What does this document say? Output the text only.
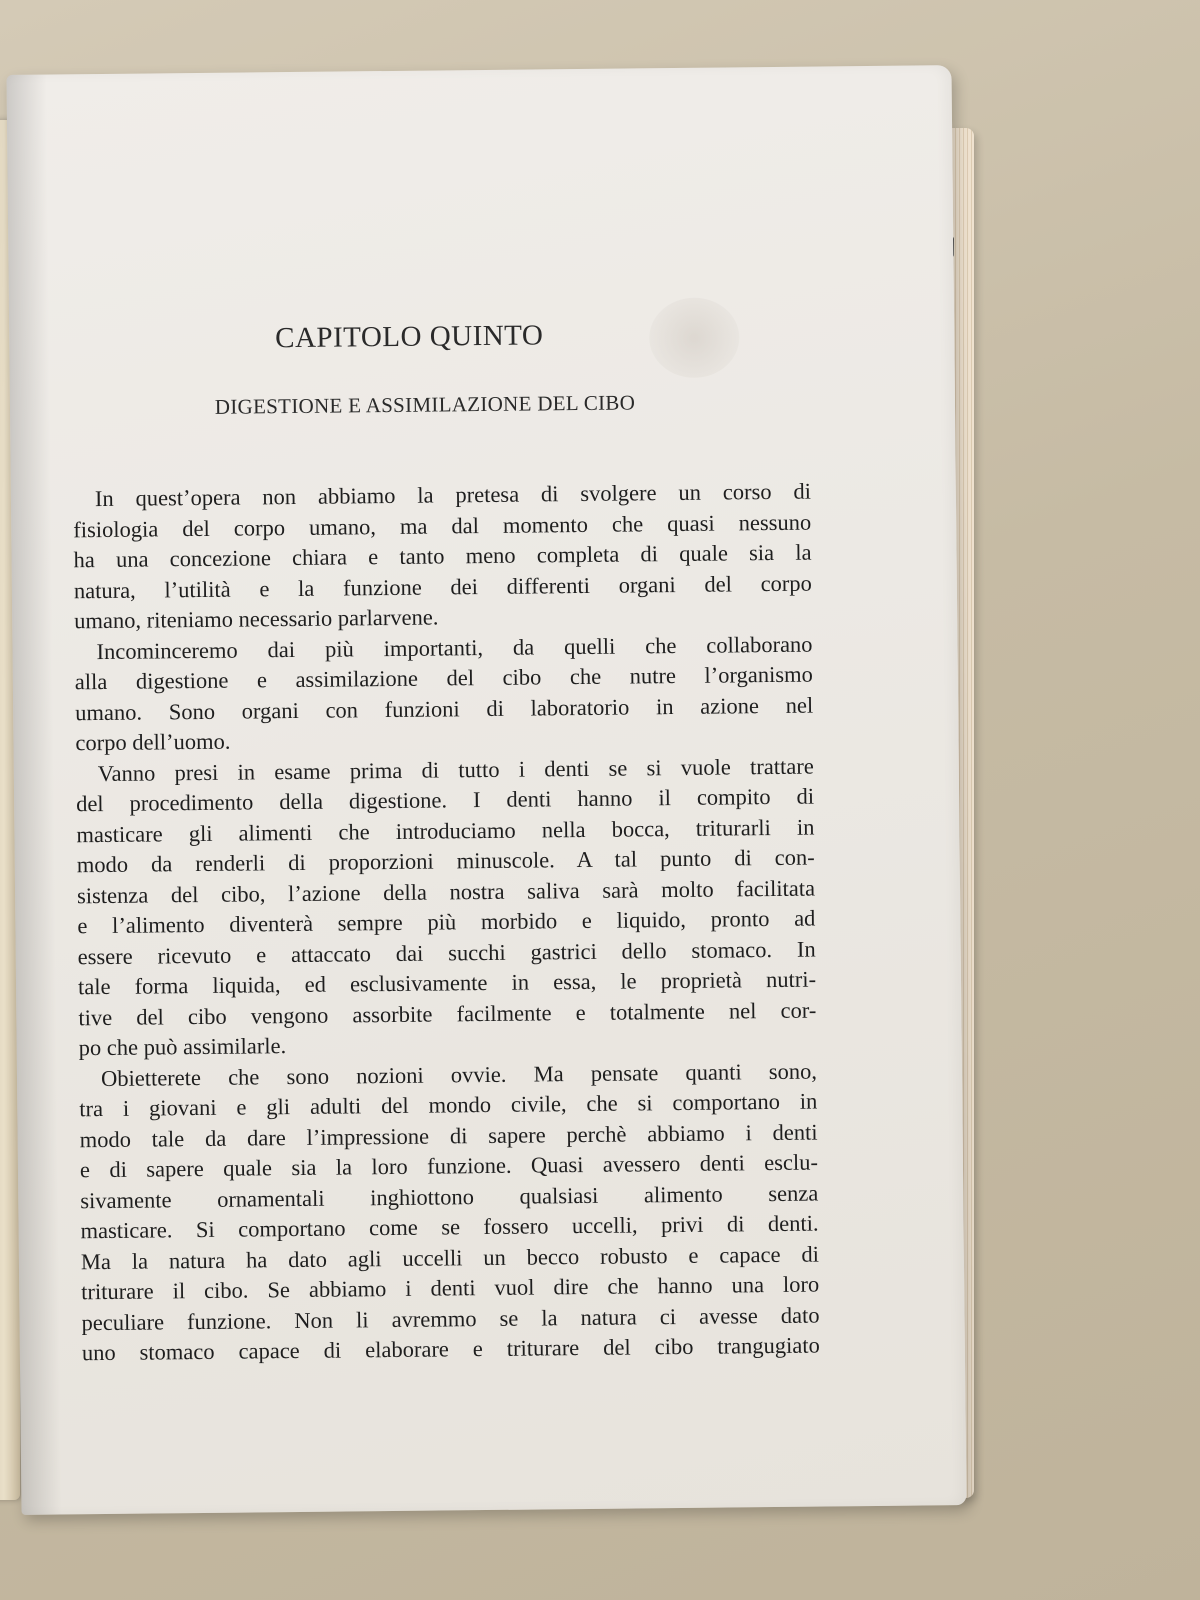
CAPITOLO QUINTO
DIGESTIONE E ASSIMILAZIONE DEL CIBO
In quest’opera non abbiamo la pretesa di svolgere un corso di
fisiologia del corpo umano, ma dal momento che quasi nessuno
ha una concezione chiara e tanto meno completa di quale sia la
natura, l’utilità e la funzione dei differenti organi del corpo
umano, riteniamo necessario parlarvene.
Incominceremo dai più importanti, da quelli che collaborano
alla digestione e assimilazione del cibo che nutre l’organismo
umano. Sono organi con funzioni di laboratorio in azione nel
corpo dell’uomo.
Vanno presi in esame prima di tutto i denti se si vuole trattare
del procedimento della digestione. I denti hanno il compito di
masticare gli alimenti che introduciamo nella bocca, triturarli in
modo da renderli di proporzioni minuscole. A tal punto di con-
sistenza del cibo, l’azione della nostra saliva sarà molto facilitata
e l’alimento diventerà sempre più morbido e liquido, pronto ad
essere ricevuto e attaccato dai succhi gastrici dello stomaco. In
tale forma liquida, ed esclusivamente in essa, le proprietà nutri-
tive del cibo vengono assorbite facilmente e totalmente nel cor-
po che può assimilarle.
Obietterete che sono nozioni ovvie. Ma pensate quanti sono,
tra i giovani e gli adulti del mondo civile, che si comportano in
modo tale da dare l’impressione di sapere perchè abbiamo i denti
e di sapere quale sia la loro funzione. Quasi avessero denti esclu-
sivamente ornamentali inghiottono qualsiasi alimento senza
masticare. Si comportano come se fossero uccelli, privi di denti.
Ma la natura ha dato agli uccelli un becco robusto e capace di
triturare il cibo. Se abbiamo i denti vuol dire che hanno una loro
peculiare funzione. Non li avremmo se la natura ci avesse dato
uno stomaco capace di elaborare e triturare del cibo trangugiato
